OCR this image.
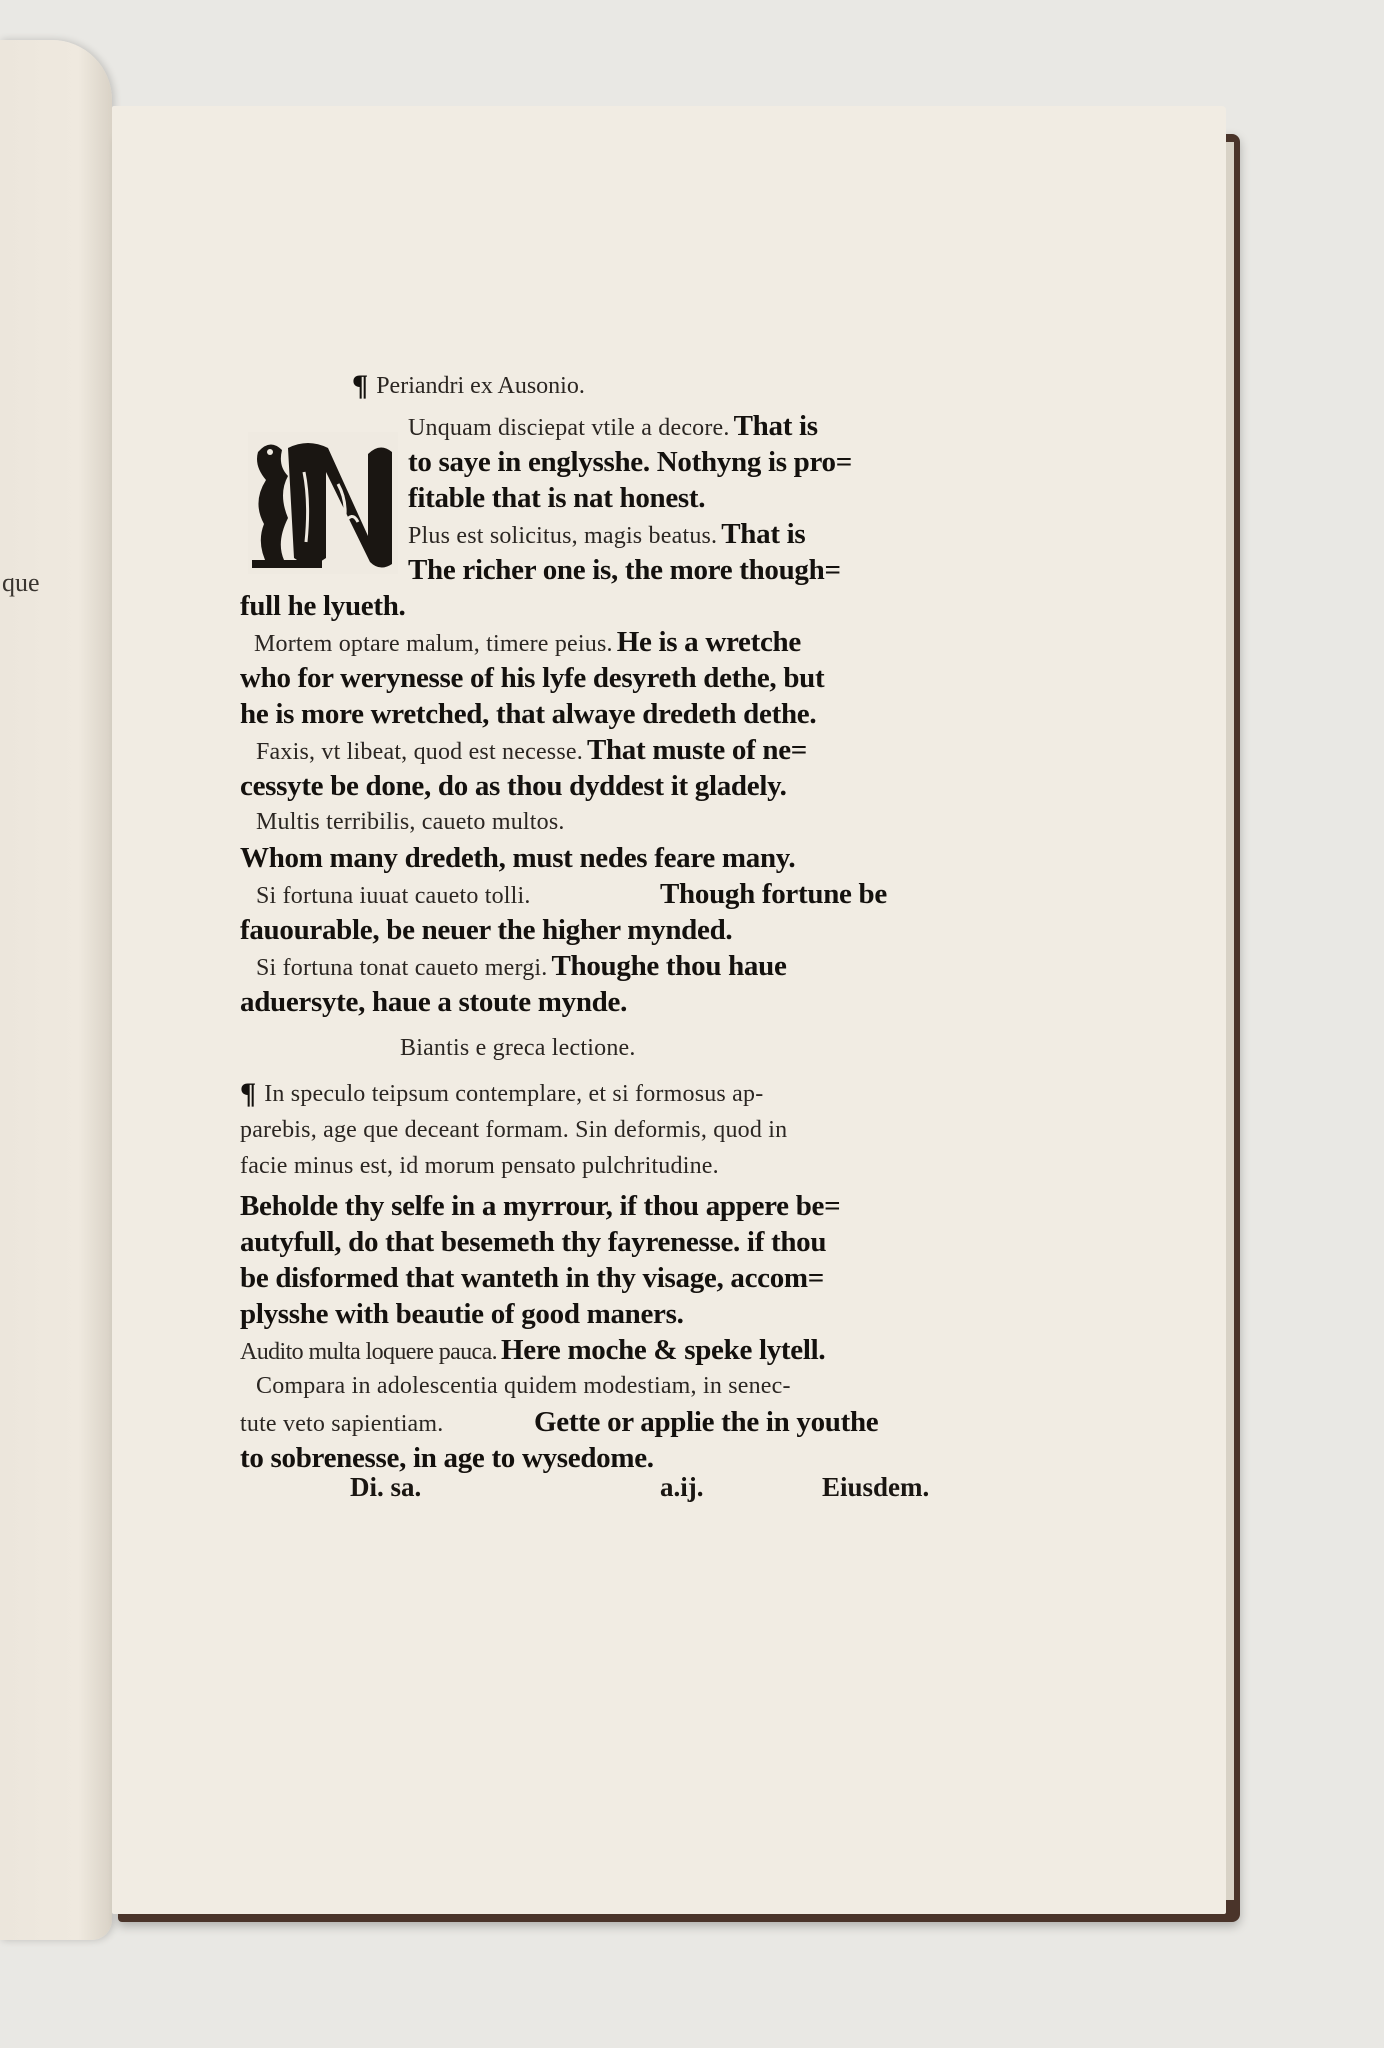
que
¶ Periandri ex Ausonio.
Unquam disciepat vtile a decore. That is
to saye in englysshe. Nothyng is pro=
fitable that is nat honest.
Plus est solicitus, magis beatus. That is
The richer one is, the more though=
full he lyueth.
Mortem optare malum, timere peius. He is a wretche
who for werynesse of his lyfe desyreth dethe, but
he is more wretched, that alwaye dredeth dethe.
Faxis, vt libeat, quod est necesse. That muste of ne=
cessyte be done, do as thou dyddest it gladely.
Multis terribilis, caueto multos.
Whom many dredeth, must nedes feare many.
Si fortuna iuuat caueto tolli.	Though fortune be
fauourable, be neuer the higher mynded.
Si fortuna tonat caueto mergi. Thoughe thou haue
aduersyte, haue a stoute mynde.
Biantis e greca lectione.
¶ In speculo teipsum contemplare, et si formosus ap-
parebis, age que deceant formam. Sin deformis, quod in
facie minus est, id morum pensato pulchritudine.
Beholde thy selfe in a myrrour, if thou appere be=
autyfull, do that besemeth thy fayrenesse. if thou
be disformed that wanteth in thy visage, accom=
plysshe with beautie of good maners.
Audito multa loquere pauca. Here moche & speke lytell.
Compara in adolescentia quidem modestiam, in senec-
tute veto sapientiam.	Gette or applie the in youthe
to sobrenesse, in age to wysedome.
Di. sa.	a.ij.	Eiusdem.
